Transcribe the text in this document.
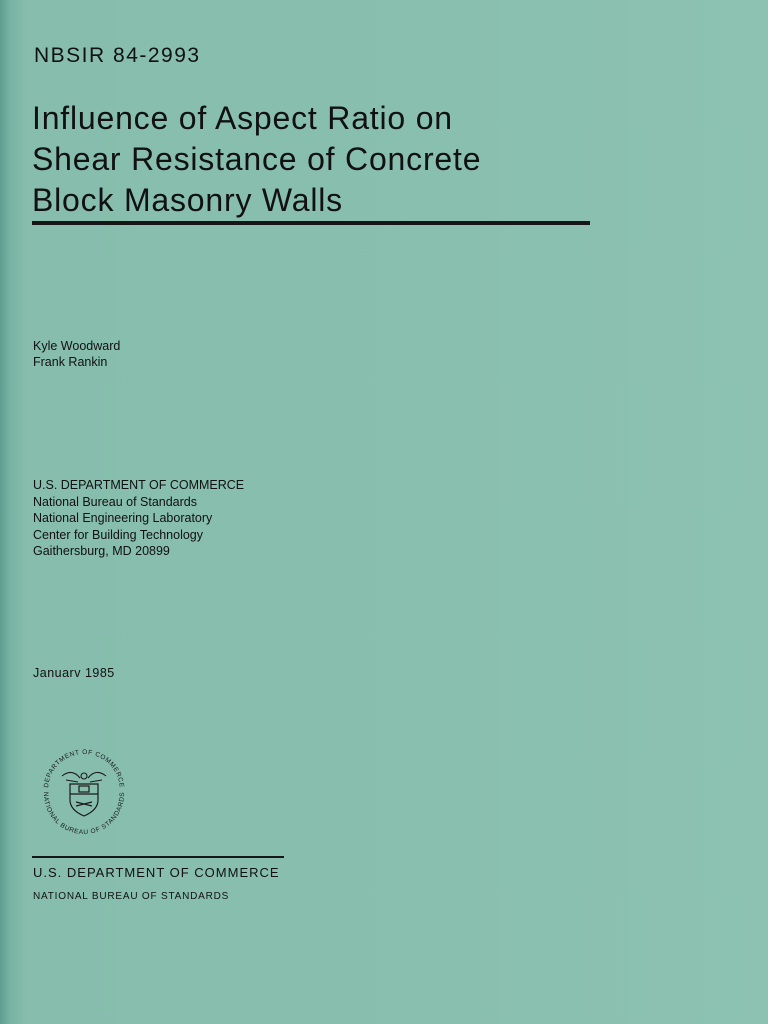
NBSIR 84-2993
Influence of Aspect Ratio on
Shear Resistance of Concrete
Block Masonry Walls
Kyle Woodward
Frank Rankin
U.S. DEPARTMENT OF COMMERCE
National Bureau of Standards
National Engineering Laboratory
Center for Building Technology
Gaithersburg, MD 20899
Januarv 1985
DEPARTMENT OF COMMERCE
NATIONAL BUREAU OF STANDARDS
U.S. DEPARTMENT OF COMMERCE
NATIONAL BUREAU OF STANDARDS
